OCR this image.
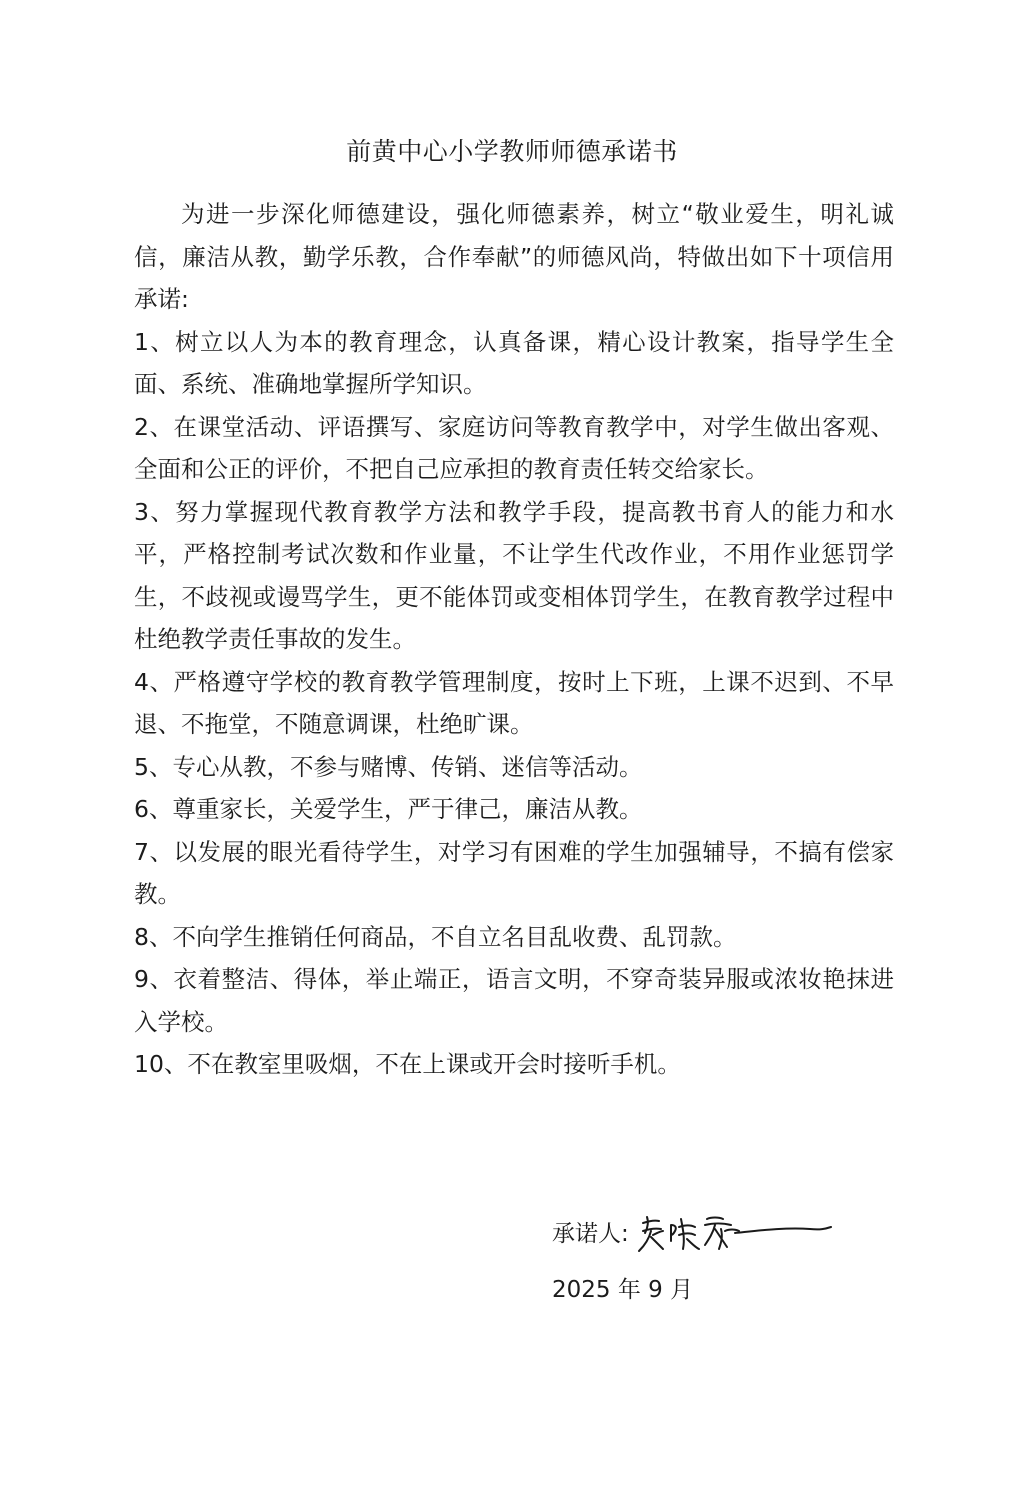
前黄中心小学教师师德承诺书

为进一步深化师德建设，强化师德素养，树立“敬业爱生，明礼诚信，廉洁从教，勤学乐教，合作奉献”的师德风尚，特做出如下十项信用承诺:

1、树立以人为本的教育理念，认真备课，精心设计教案，指导学生全面、系统、准确地掌握所学知识。

2、在课堂活动、评语撰写、家庭访问等教育教学中，对学生做出客观、全面和公正的评价，不把自己应承担的教育责任转交给家长。

3、努力掌握现代教育教学方法和教学手段，提高教书育人的能力和水平，严格控制考试次数和作业量，不让学生代改作业，不用作业惩罚学生，不歧视或谩骂学生，更不能体罚或变相体罚学生，在教育教学过程中杜绝教学责任事故的发生。

4、严格遵守学校的教育教学管理制度，按时上下班，上课不迟到、不早退、不拖堂，不随意调课，杜绝旷课。

5、专心从教，不参与赌博、传销、迷信等活动。

6、尊重家长，关爱学生，严于律己，廉洁从教。

7、以发展的眼光看待学生，对学习有困难的学生加强辅导，不搞有偿家教。

8、不向学生推销任何商品，不自立名目乱收费、乱罚款。

9、衣着整洁、得体，举止端正，语言文明，不穿奇装异服或浓妆艳抹进入学校。

10、不在教室里吸烟，不在上课或开会时接听手机。

承诺人:
2025 年 9 月
